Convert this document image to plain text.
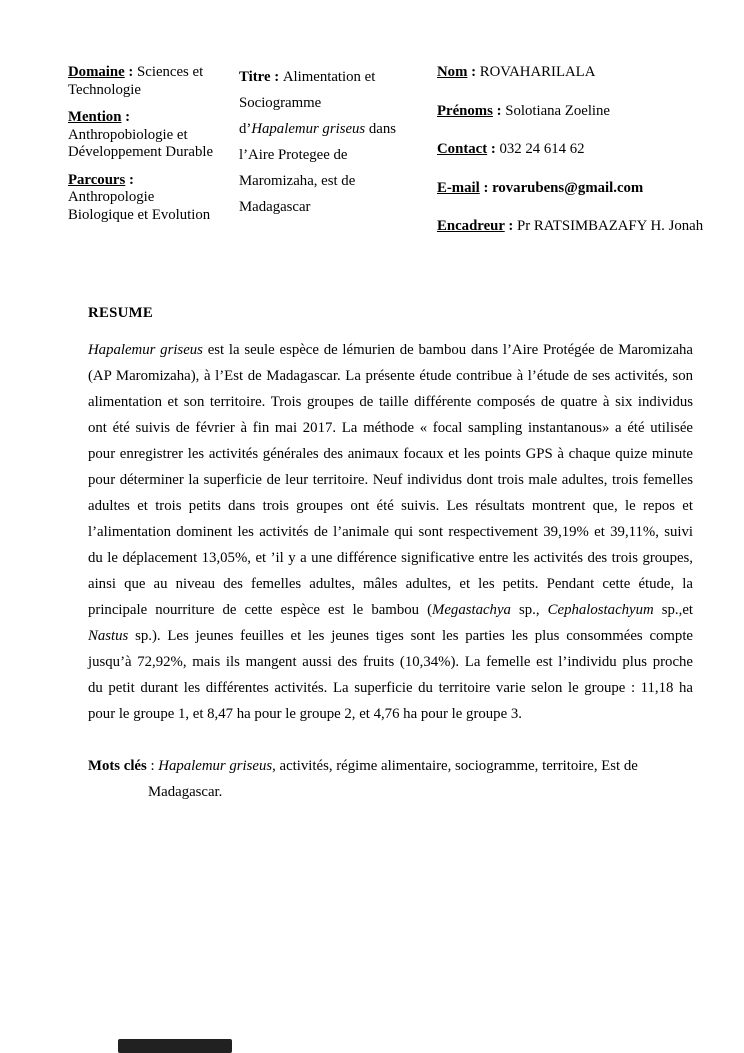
Domaine : Sciences et
Technologie
Mention :
Anthropobiologie et
Développement Durable
Parcours :
Anthropologie
Biologique et Evolution
Titre : Alimentation et
Sociogramme
d’Hapalemur griseus dans
l’Aire Protegee de
Maromizaha, est de
Madagascar
Nom : ROVAHARILALA
Prénoms : Solotiana Zoeline
Contact : 032 24 614 62
E-mail : rovarubens@gmail.com
Encadreur : Pr RATSIMBAZAFY H. Jonah
RESUME
Hapalemur griseus est la seule espèce de lémurien de bambou dans l’Aire Protégée de Maromizaha
(AP Maromizaha), à l’Est de Madagascar. La présente étude contribue à l’étude de ses activités, son
alimentation et son territoire. Trois groupes de taille différente composés de quatre à six individus
ont été suivis de février à fin mai 2017. La méthode « focal sampling instantanous» a été utilisée
pour enregistrer les activités générales des animaux focaux et les points GPS à chaque quize minute
pour déterminer la superficie de leur territoire. Neuf individus dont trois male adultes, trois femelles
adultes et trois petits dans trois groupes ont été suivis. Les résultats montrent que, le repos et
l’alimentation dominent les activités de l’animale qui sont respectivement 39,19% et 39,11%, suivi
du le déplacement 13,05%, et ’il y a une différence significative entre les activités des trois groupes,
ainsi que au niveau des femelles adultes, mâles adultes, et les petits. Pendant cette étude, la
principale nourriture de cette espèce est le bambou (Megastachya sp., Cephalostachyum sp.,et
Nastus sp.). Les jeunes feuilles et les jeunes tiges sont les parties les plus consommées compte
jusqu’à 72,92%, mais ils mangent aussi des fruits (10,34%). La femelle est l’individu plus proche
du petit durant les différentes activités. La superficie du territoire varie selon le groupe : 11,18 ha
pour le groupe 1, et 8,47 ha pour le groupe 2, et 4,76 ha pour le groupe 3.
Mots clés : Hapalemur griseus, activités, régime alimentaire, sociogramme, territoire, Est de
Madagascar.
